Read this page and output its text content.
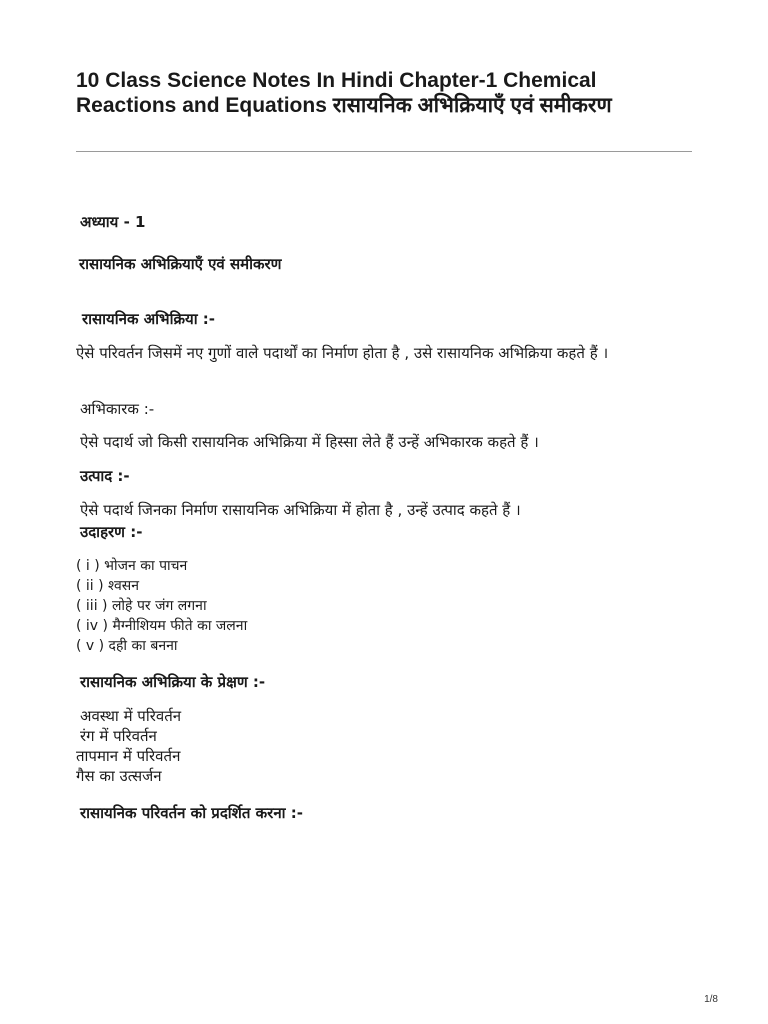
10 Class Science Notes In Hindi Chapter-1 Chemical Reactions and Equations रासायनिक अभिक्रियाएँ एवं समीकरण

अध्याय - 1

रासायनिक अभिक्रियाएँ एवं समीकरण

रासायनिक अभिक्रिया :-

ऐसे परिवर्तन जिसमें नए गुणों वाले पदार्थों का निर्माण होता है , उसे रासायनिक अभिक्रिया कहते हैं ।

अभिकारक :-

ऐसे पदार्थ जो किसी रासायनिक अभिक्रिया में हिस्सा लेते हैं उन्हें अभिकारक कहते हैं ।

उत्पाद :-

ऐसे पदार्थ जिनका निर्माण रासायनिक अभिक्रिया में होता है , उन्हें उत्पाद कहते हैं ।

उदाहरण :-

( i ) भोजन का पाचन
( ii ) श्वसन
( iii ) लोहे पर जंग लगना
( iv ) मैग्नीशियम फीते का जलना
( v ) दही का बनना

रासायनिक अभिक्रिया के प्रेक्षण :-

अवस्था में परिवर्तन

रंग में परिवर्तन

तापमान में परिवर्तन

गैस का उत्सर्जन

रासायनिक परिवर्तन को प्रदर्शित करना :-

1/8
